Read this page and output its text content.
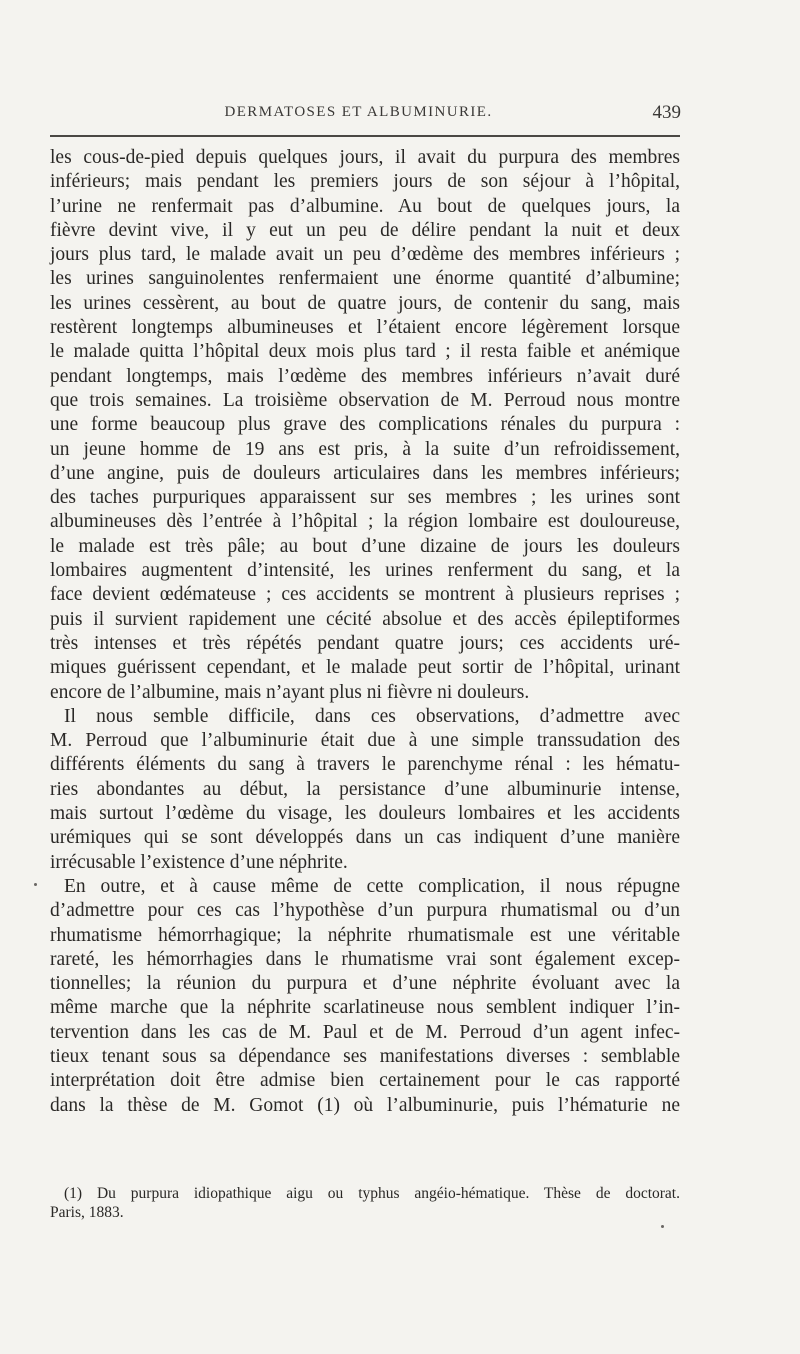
DERMATOSES ET ALBUMINURIE.	439
les cous-de-pied depuis quelques jours, il avait du purpura des membres
inférieurs; mais pendant les premiers jours de son séjour à l’hôpital,
l’urine ne renfermait pas d’albumine. Au bout de quelques jours, la
fièvre devint vive, il y eut un peu de délire pendant la nuit et deux
jours plus tard, le malade avait un peu d’œdème des membres inférieurs ;
les urines sanguinolentes renfermaient une énorme quantité d’albumine;
les urines cessèrent, au bout de quatre jours, de contenir du sang, mais
restèrent longtemps albumineuses et l’étaient encore légèrement lorsque
le malade quitta l’hôpital deux mois plus tard ; il resta faible et anémique
pendant longtemps, mais l’œdème des membres inférieurs n’avait duré
que trois semaines. La troisième observation de M. Perroud nous montre
une forme beaucoup plus grave des complications rénales du purpura :
un jeune homme de 19 ans est pris, à la suite d’un refroidissement,
d’une angine, puis de douleurs articulaires dans les membres inférieurs;
des taches purpuriques apparaissent sur ses membres ; les urines sont
albumineuses dès l’entrée à l’hôpital ; la région lombaire est douloureuse,
le malade est très pâle; au bout d’une dizaine de jours les douleurs
lombaires augmentent d’intensité, les urines renferment du sang, et la
face devient œdémateuse ; ces accidents se montrent à plusieurs reprises ;
puis il survient rapidement une cécité absolue et des accès épileptiformes
très intenses et très répétés pendant quatre jours; ces accidents uré-
miques guérissent cependant, et le malade peut sortir de l’hôpital, urinant
encore de l’albumine, mais n’ayant plus ni fièvre ni douleurs.
Il nous semble difficile, dans ces observations, d’admettre avec
M. Perroud que l’albuminurie était due à une simple transsudation des
différents éléments du sang à travers le parenchyme rénal : les hématu-
ries abondantes au début, la persistance d’une albuminurie intense,
mais surtout l’œdème du visage, les douleurs lombaires et les accidents
urémiques qui se sont développés dans un cas indiquent d’une manière
irrécusable l’existence d’une néphrite.
En outre, et à cause même de cette complication, il nous répugne
d’admettre pour ces cas l’hypothèse d’un purpura rhumatismal ou d’un
rhumatisme hémorrhagique; la néphrite rhumatismale est une véritable
rareté, les hémorrhagies dans le rhumatisme vrai sont également excep-
tionnelles; la réunion du purpura et d’une néphrite évoluant avec la
même marche que la néphrite scarlatineuse nous semblent indiquer l’in-
tervention dans les cas de M. Paul et de M. Perroud d’un agent infec-
tieux tenant sous sa dépendance ses manifestations diverses : semblable
interprétation doit être admise bien certainement pour le cas rapporté
dans la thèse de M. Gomot (1) où l’albuminurie, puis l’hématurie ne
(1) Du purpura idiopathique aigu ou typhus angéio-hématique. Thèse de doctorat.
Paris, 1883.
